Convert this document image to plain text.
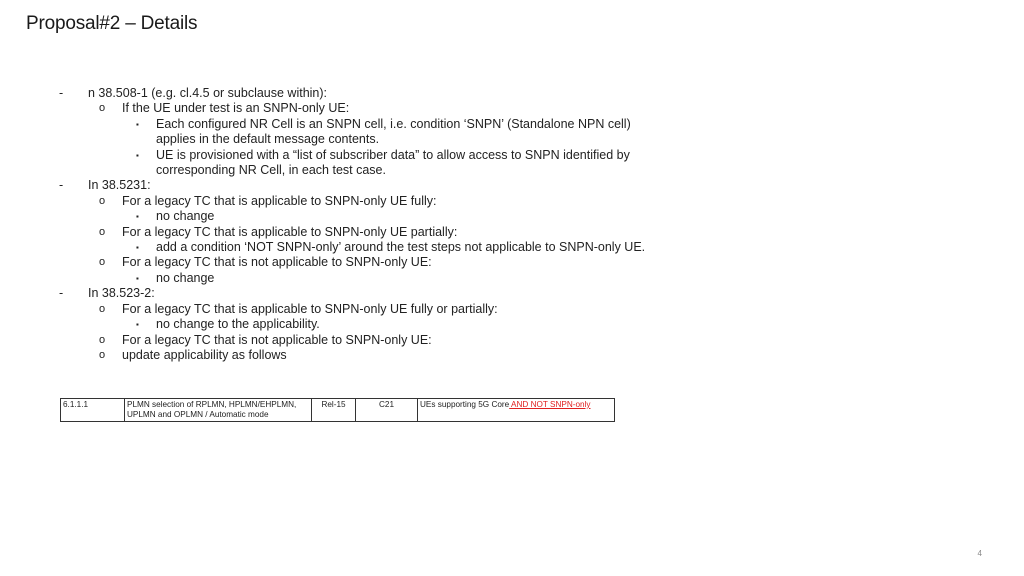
Proposal#2 – Details
- n 38.508-1 (e.g. cl.4.5 or subclause within):
o If the UE under test is an SNPN-only UE:
▪ Each configured NR Cell is an SNPN cell, i.e. condition ‘SNPN’ (Standalone NPN cell) applies in the default message contents.
▪ UE is provisioned with a “list of subscriber data” to allow access to SNPN identified by corresponding NR Cell, in each test case.
- In 38.5231:
o For a legacy TC that is applicable to SNPN-only UE fully:
▪ no change
o For a legacy TC that is applicable to SNPN-only UE partially:
▪ add a condition ‘NOT SNPN-only’ around the test steps not applicable to SNPN-only UE.
o For a legacy TC that is not applicable to SNPN-only UE:
▪ no change
- In 38.523-2:
o For a legacy TC that is applicable to SNPN-only UE fully or partially:
▪ no change to the applicability.
o For a legacy TC that is not applicable to SNPN-only UE:
o update applicability as follows
6.1.1.1	PLMN selection of RPLMN, HPLMN/EHPLMN, UPLMN and OPLMN / Automatic mode	Rel-15	C21	UEs supporting 5G Core AND NOT SNPN-only
4
